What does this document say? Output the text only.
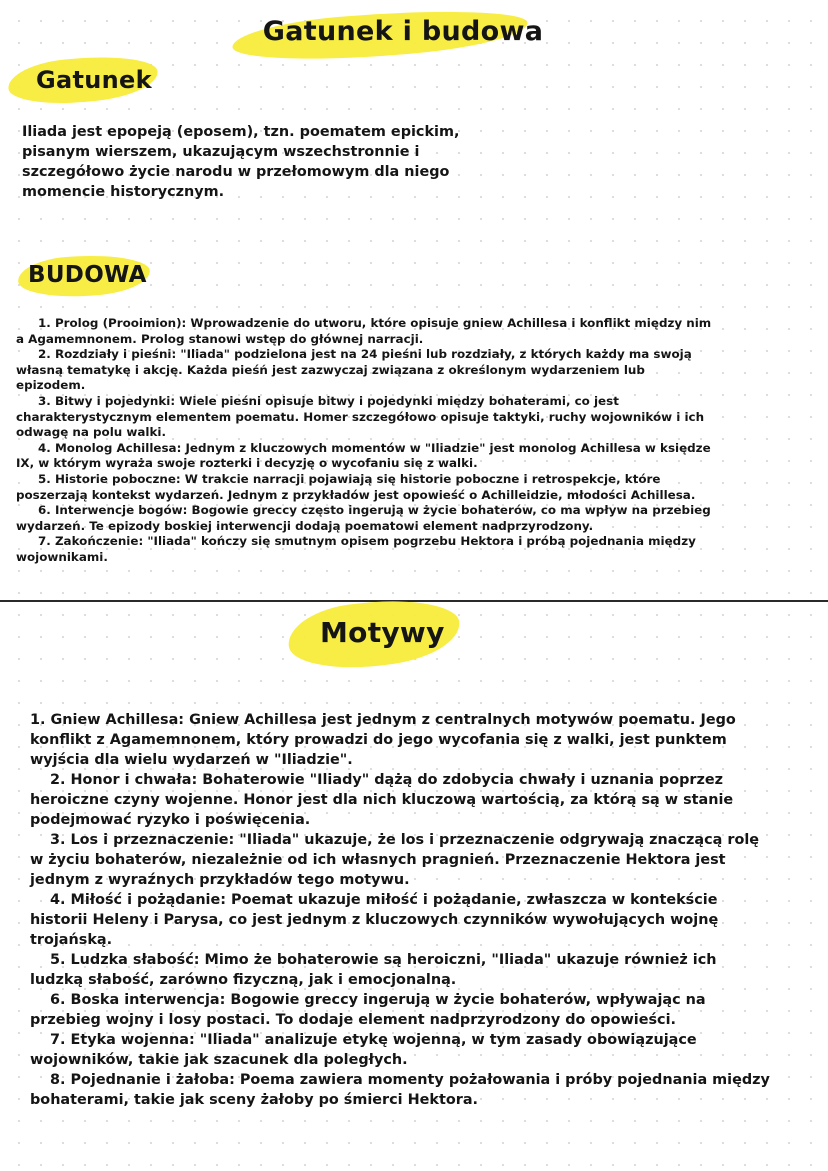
Gatunek i budowa
Gatunek

Iliada jest epopeją (eposem), tzn. poematem epickim, pisanym wierszem, ukazującym wszechstronnie i szczegółowo życie narodu w przełomowym dla niego momencie historycznym.

BUDOWA
1. Prolog (Prooimion): Wprowadzenie do utworu, które opisuje gniew Achillesa i konflikt między nim a Agamemnonem. Prolog stanowi wstęp do głównej narracji.
2. Rozdziały i pieśni: "Iliada" podzielona jest na 24 pieśni lub rozdziały, z których każdy ma swoją własną tematykę i akcję. Każda pieśń jest zazwyczaj związana z określonym wydarzeniem lub epizodem.
3. Bitwy i pojedynki: Wiele pieśni opisuje bitwy i pojedynki między bohaterami, co jest charakterystycznym elementem poematu. Homer szczegółowo opisuje taktyki, ruchy wojowników i ich odwagę na polu walki.
4. Monolog Achillesa: Jednym z kluczowych momentów w "Iliadzie" jest monolog Achillesa w księdze IX, w którym wyraża swoje rozterki i decyzję o wycofaniu się z walki.
5. Historie poboczne: W trakcie narracji pojawiają się historie poboczne i retrospekcje, które poszerzają kontekst wydarzeń. Jednym z przykładów jest opowieść o Achilleidzie, młodości Achillesa.
6. Interwencje bogów: Bogowie greccy często ingerują w życie bohaterów, co ma wpływ na przebieg wydarzeń. Te epizody boskiej interwencji dodają poematowi element nadprzyrodzony.
7. Zakończenie: "Iliada" kończy się smutnym opisem pogrzebu Hektora i próbą pojednania między wojownikami.
Motywy
1. Gniew Achillesa: Gniew Achillesa jest jednym z centralnych motywów poematu. Jego konflikt z Agamemnonem, który prowadzi do jego wycofania się z walki, jest punktem wyjścia dla wielu wydarzeń w "Iliadzie".
2. Honor i chwała: Bohaterowie "Iliady" dążą do zdobycia chwały i uznania poprzez heroiczne czyny wojenne. Honor jest dla nich kluczową wartością, za którą są w stanie podejmować ryzyko i poświęcenia.
3. Los i przeznaczenie: "Iliada" ukazuje, że los i przeznaczenie odgrywają znaczącą rolę w życiu bohaterów, niezależnie od ich własnych pragnień. Przeznaczenie Hektora jest jednym z wyraźnych przykładów tego motywu.
4. Miłość i pożądanie: Poemat ukazuje miłość i pożądanie, zwłaszcza w kontekście historii Heleny i Parysa, co jest jednym z kluczowych czynników wywołujących wojnę trojańską.
5. Ludzka słabość: Mimo że bohaterowie są heroiczni, "Iliada" ukazuje również ich ludzką słabość, zarówno fizyczną, jak i emocjonalną.
6. Boska interwencja: Bogowie greccy ingerują w życie bohaterów, wpływając na przebieg wojny i losy postaci. To dodaje element nadprzyrodzony do opowieści.
7. Etyka wojenna: "Iliada" analizuje etykę wojenną, w tym zasady obowiązujące wojowników, takie jak szacunek dla poległych.
8. Pojednanie i żałoba: Poema zawiera momenty pożałowania i próby pojednania między bohaterami, takie jak sceny żałoby po śmierci Hektora.
